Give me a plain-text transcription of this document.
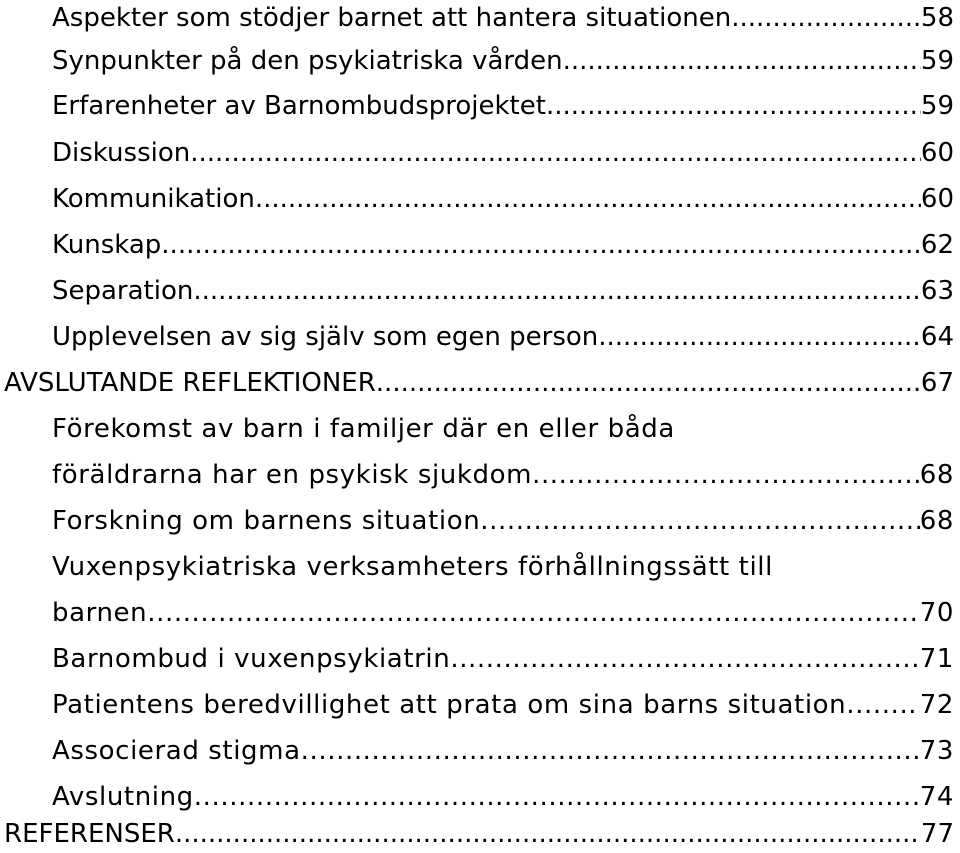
Aspekter som stödjer barnet att hantera situationen .....	58
Synpunkter på den psykiatriska vården .....	59
Erfarenheter av Barnombudsprojektet .....	59
Diskussion .....	60
Kommunikation .....	60
Kunskap .....	62
Separation .....	63
Upplevelsen av sig själv som egen person .....	64
AVSLUTANDE REFLEKTIONER .....	67
Förekomst av barn i familjer där en eller båda
föräldrarna har en psykisk sjukdom .....	68
Forskning om barnens situation .....	68
Vuxenpsykiatriska verksamheters förhållningssätt till
barnen .....	70
Barnombud i vuxenpsykiatrin .....	71
Patientens beredvillighet att prata om sina barns situation .....	72
Associerad stigma .....	73
Avslutning .....	74
REFERENSER .....	77
